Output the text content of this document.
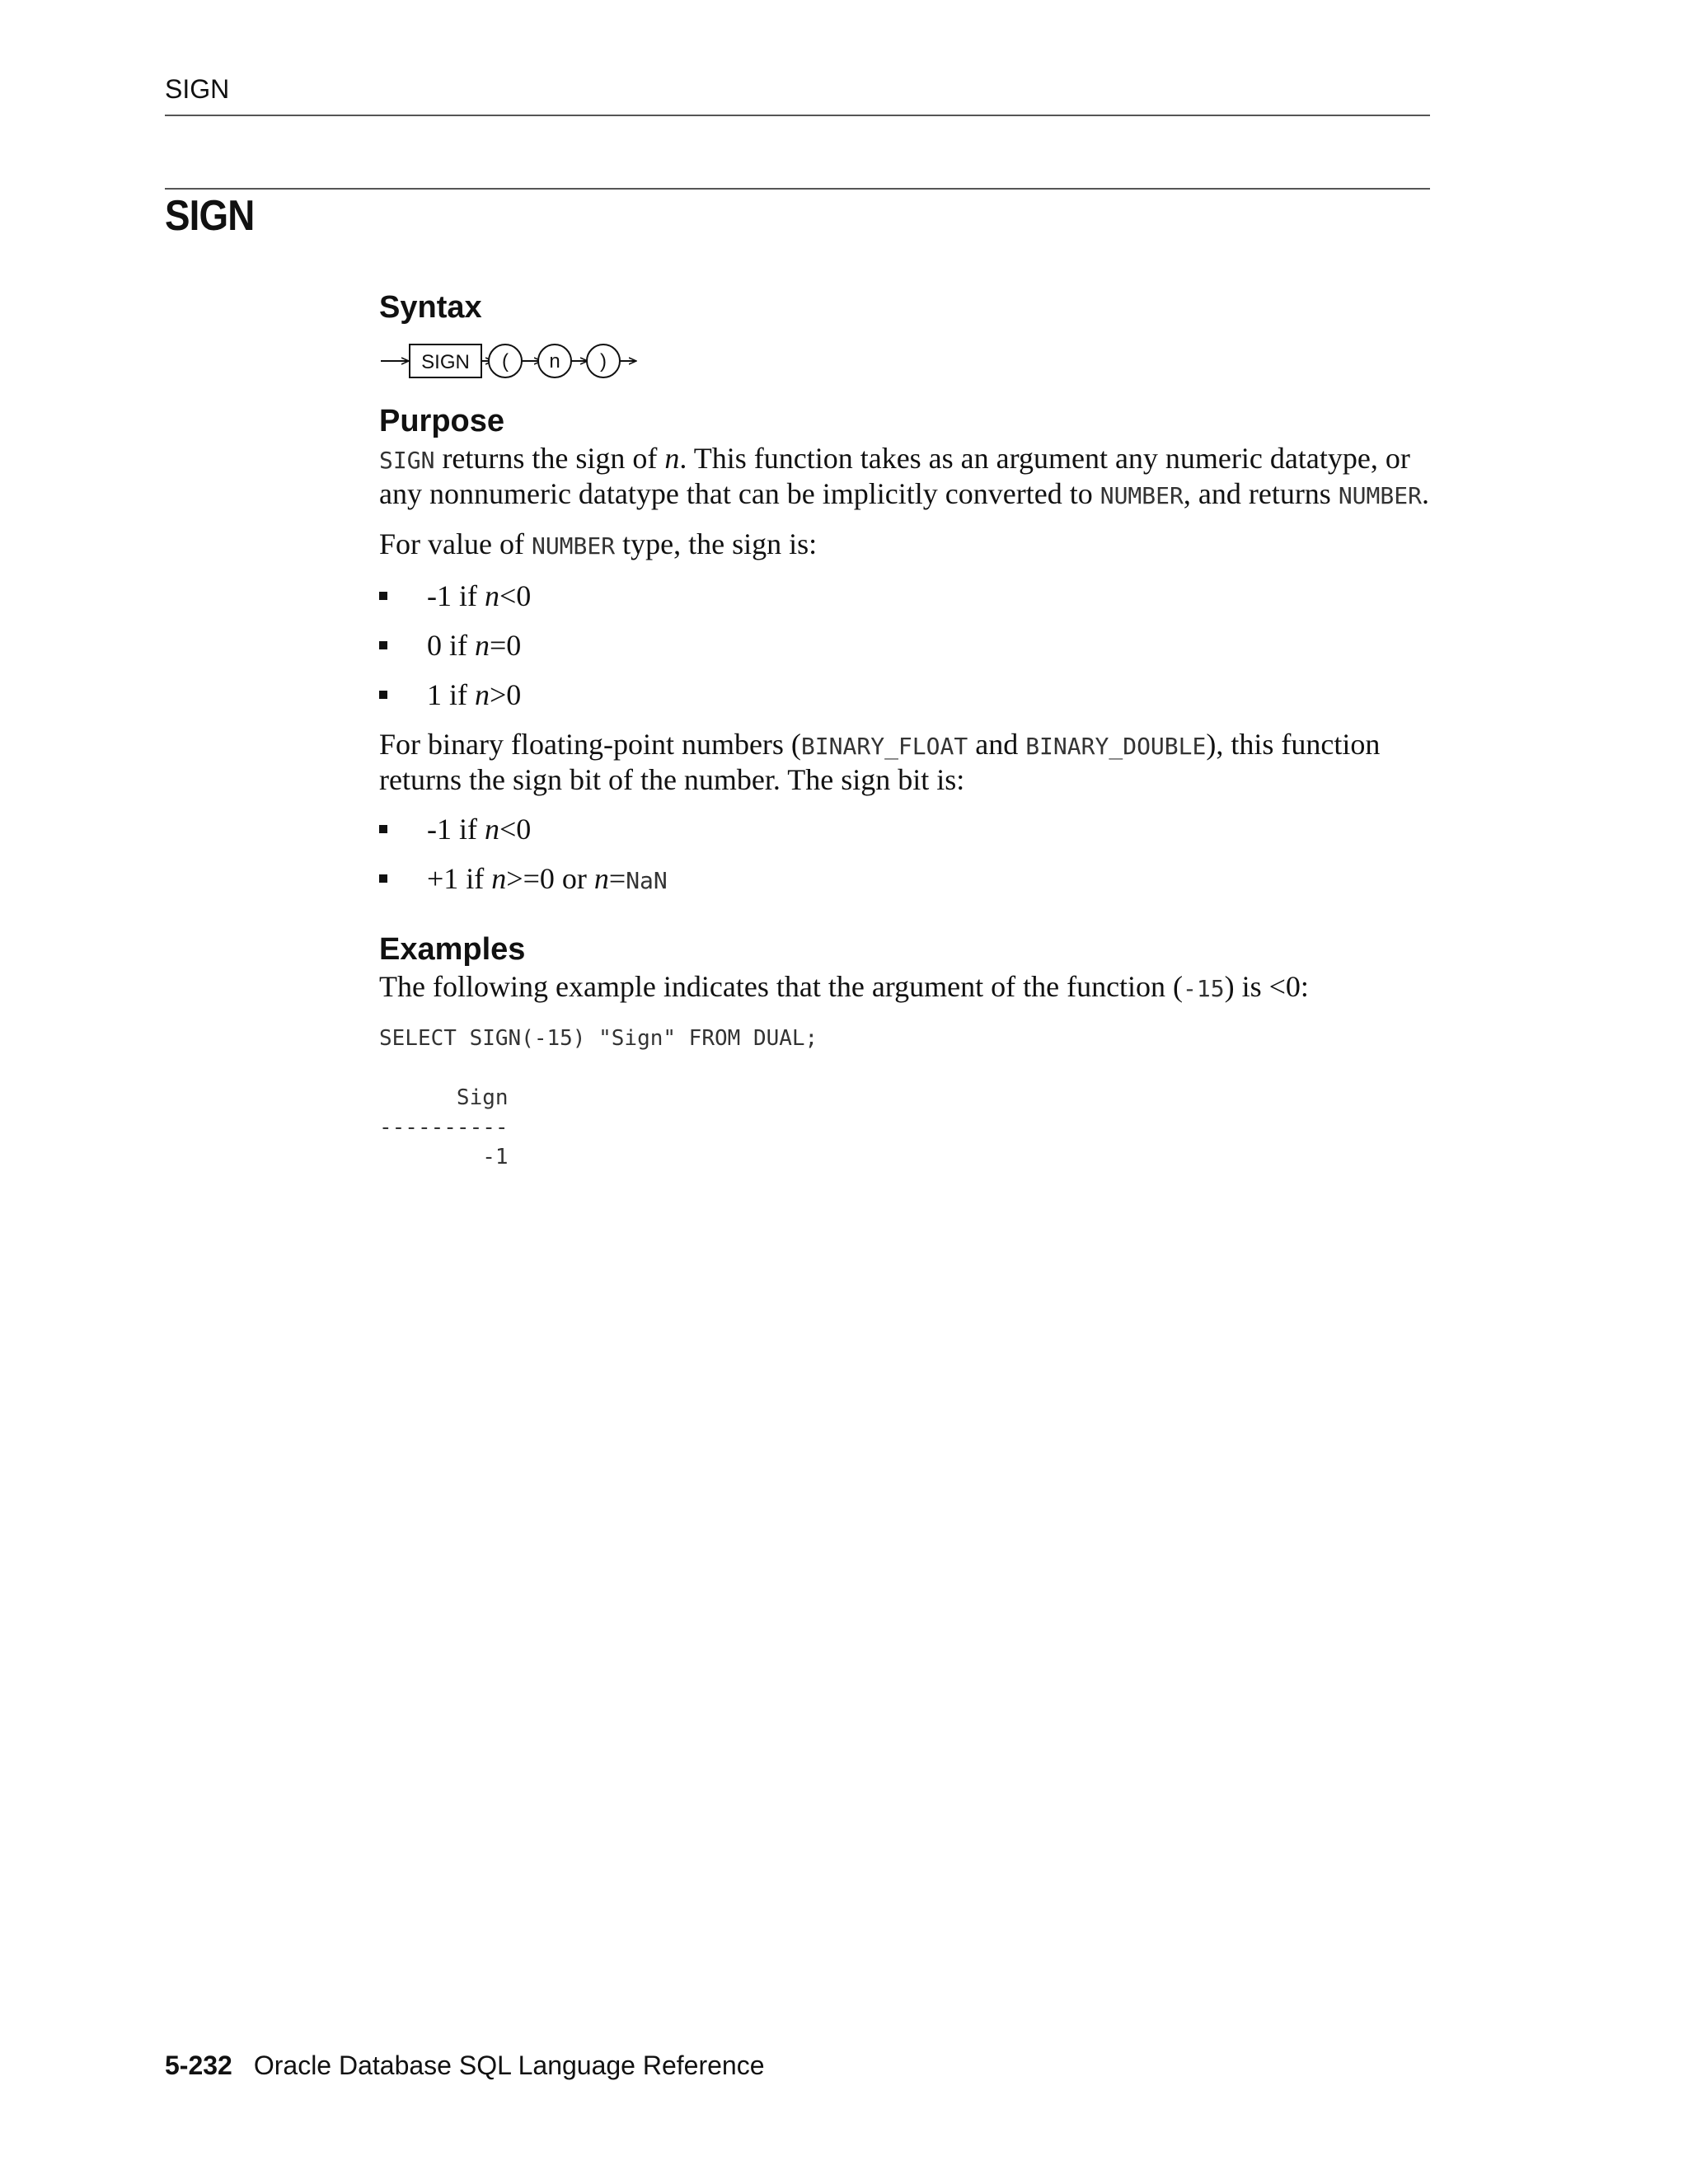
SIGN
SIGN
Syntax
SIGN ( n )
Purpose

SIGN returns the sign of n. This function takes as an argument any numeric datatype, or any nonnumeric datatype that can be implicitly converted to NUMBER, and returns NUMBER.

For value of NUMBER type, the sign is:

-1 if n<0
0 if n=0
1 if n>0

For binary floating-point numbers (BINARY_FLOAT and BINARY_DOUBLE), this function returns the sign bit of the number. The sign bit is:

-1 if n<0
+1 if n>=0 or n=NaN
Examples

The following example indicates that the argument of the function (-15) is <0:

SELECT SIGN(-15) "Sign" FROM DUAL;

Sign
----------
-1
5-232 Oracle Database SQL Language Reference
